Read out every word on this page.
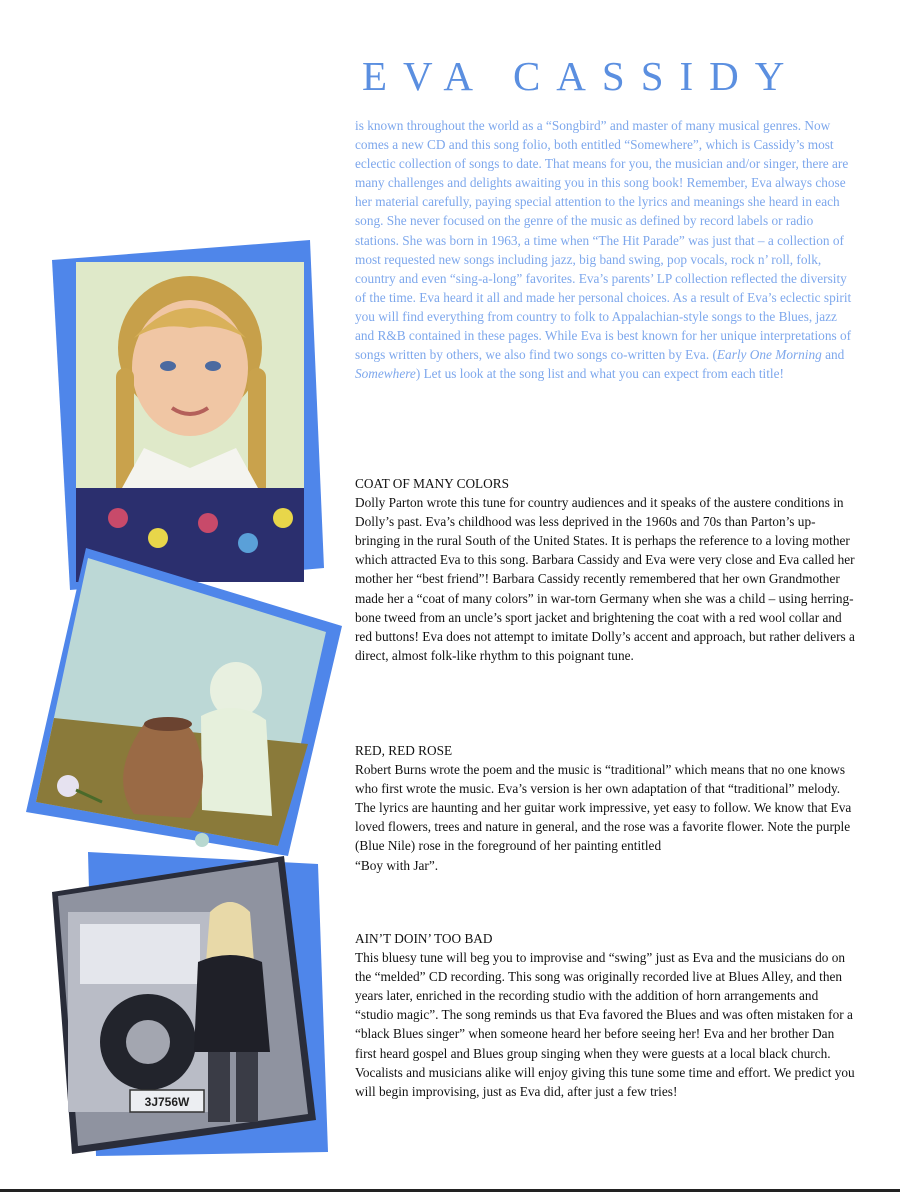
EVA CASSIDY
is known throughout the world as a “Songbird” and master of many musical genres. Now comes a new CD and this song folio, both entitled “Somewhere”, which is Cassidy’s most eclectic collection of songs to date. That means for you, the musician and/or singer, there are many challenges and delights awaiting you in this song book! Remember, Eva always chose her material carefully, paying special attention to the lyrics and meanings she heard in each song. She never focused on the genre of the music as defined by record labels or radio stations. She was born in 1963, a time when “The Hit Parade” was just that – a collection of most requested new songs including jazz, big band swing, pop vocals, rock n’ roll, folk, country and even “sing-a-long” favorites. Eva’s parents’ LP collection reflected the diversity of the time. Eva heard it all and made her personal choices. As a result of Eva’s eclectic spirit you will find everything from country to folk to Appalachian-style songs to the Blues, jazz and R&B contained in these pages. While Eva is best known for her unique interpretations of songs written by others, we also find two songs co-written by Eva. (Early One Morning and Somewhere) Let us look at the song list and what you can expect from each title!
COAT OF MANY COLORS
Dolly Parton wrote this tune for country audiences and it speaks of the austere conditions in Dolly’s past. Eva’s childhood was less deprived in the 1960s and 70s than Parton’s up-bringing in the rural South of the United States. It is perhaps the reference to a loving mother which attracted Eva to this song. Barbara Cassidy and Eva were very close and Eva called her mother her “best friend”! Barbara Cassidy recently remembered that her own Grandmother made her a “coat of many colors” in war-torn Germany when she was a child – using herring-bone tweed from an uncle’s sport jacket and brightening the coat with a red wool collar and red buttons! Eva does not attempt to imitate Dolly’s accent and approach, but rather delivers a direct, almost folk-like rhythm to this poignant tune.
RED, RED ROSE
Robert Burns wrote the poem and the music is “traditional” which means that no one knows who first wrote the music. Eva’s version is her own adaptation of that “traditional” melody. The lyrics are haunting and her guitar work impressive, yet easy to follow. We know that Eva loved flowers, trees and nature in general, and the rose was a favorite flower. Note the purple (Blue Nile) rose in the foreground of her painting entitled
“Boy with Jar”.
AIN’T DOIN’ TOO BAD
This bluesy tune will beg you to improvise and “swing” just as Eva and the musicians do on the “melded” CD recording. This song was originally recorded live at Blues Alley, and then years later, enriched in the recording studio with the addition of horn arrangements and “studio magic”. The song reminds us that Eva favored the Blues and was often mistaken for a “black Blues singer” when someone heard her before seeing her! Eva and her brother Dan first heard gospel and Blues group singing when they were guests at a local black church. Vocalists and musicians alike will enjoy giving this tune some time and effort. We predict you will begin improvising, just as Eva did, after just a few tries!
3J756W
